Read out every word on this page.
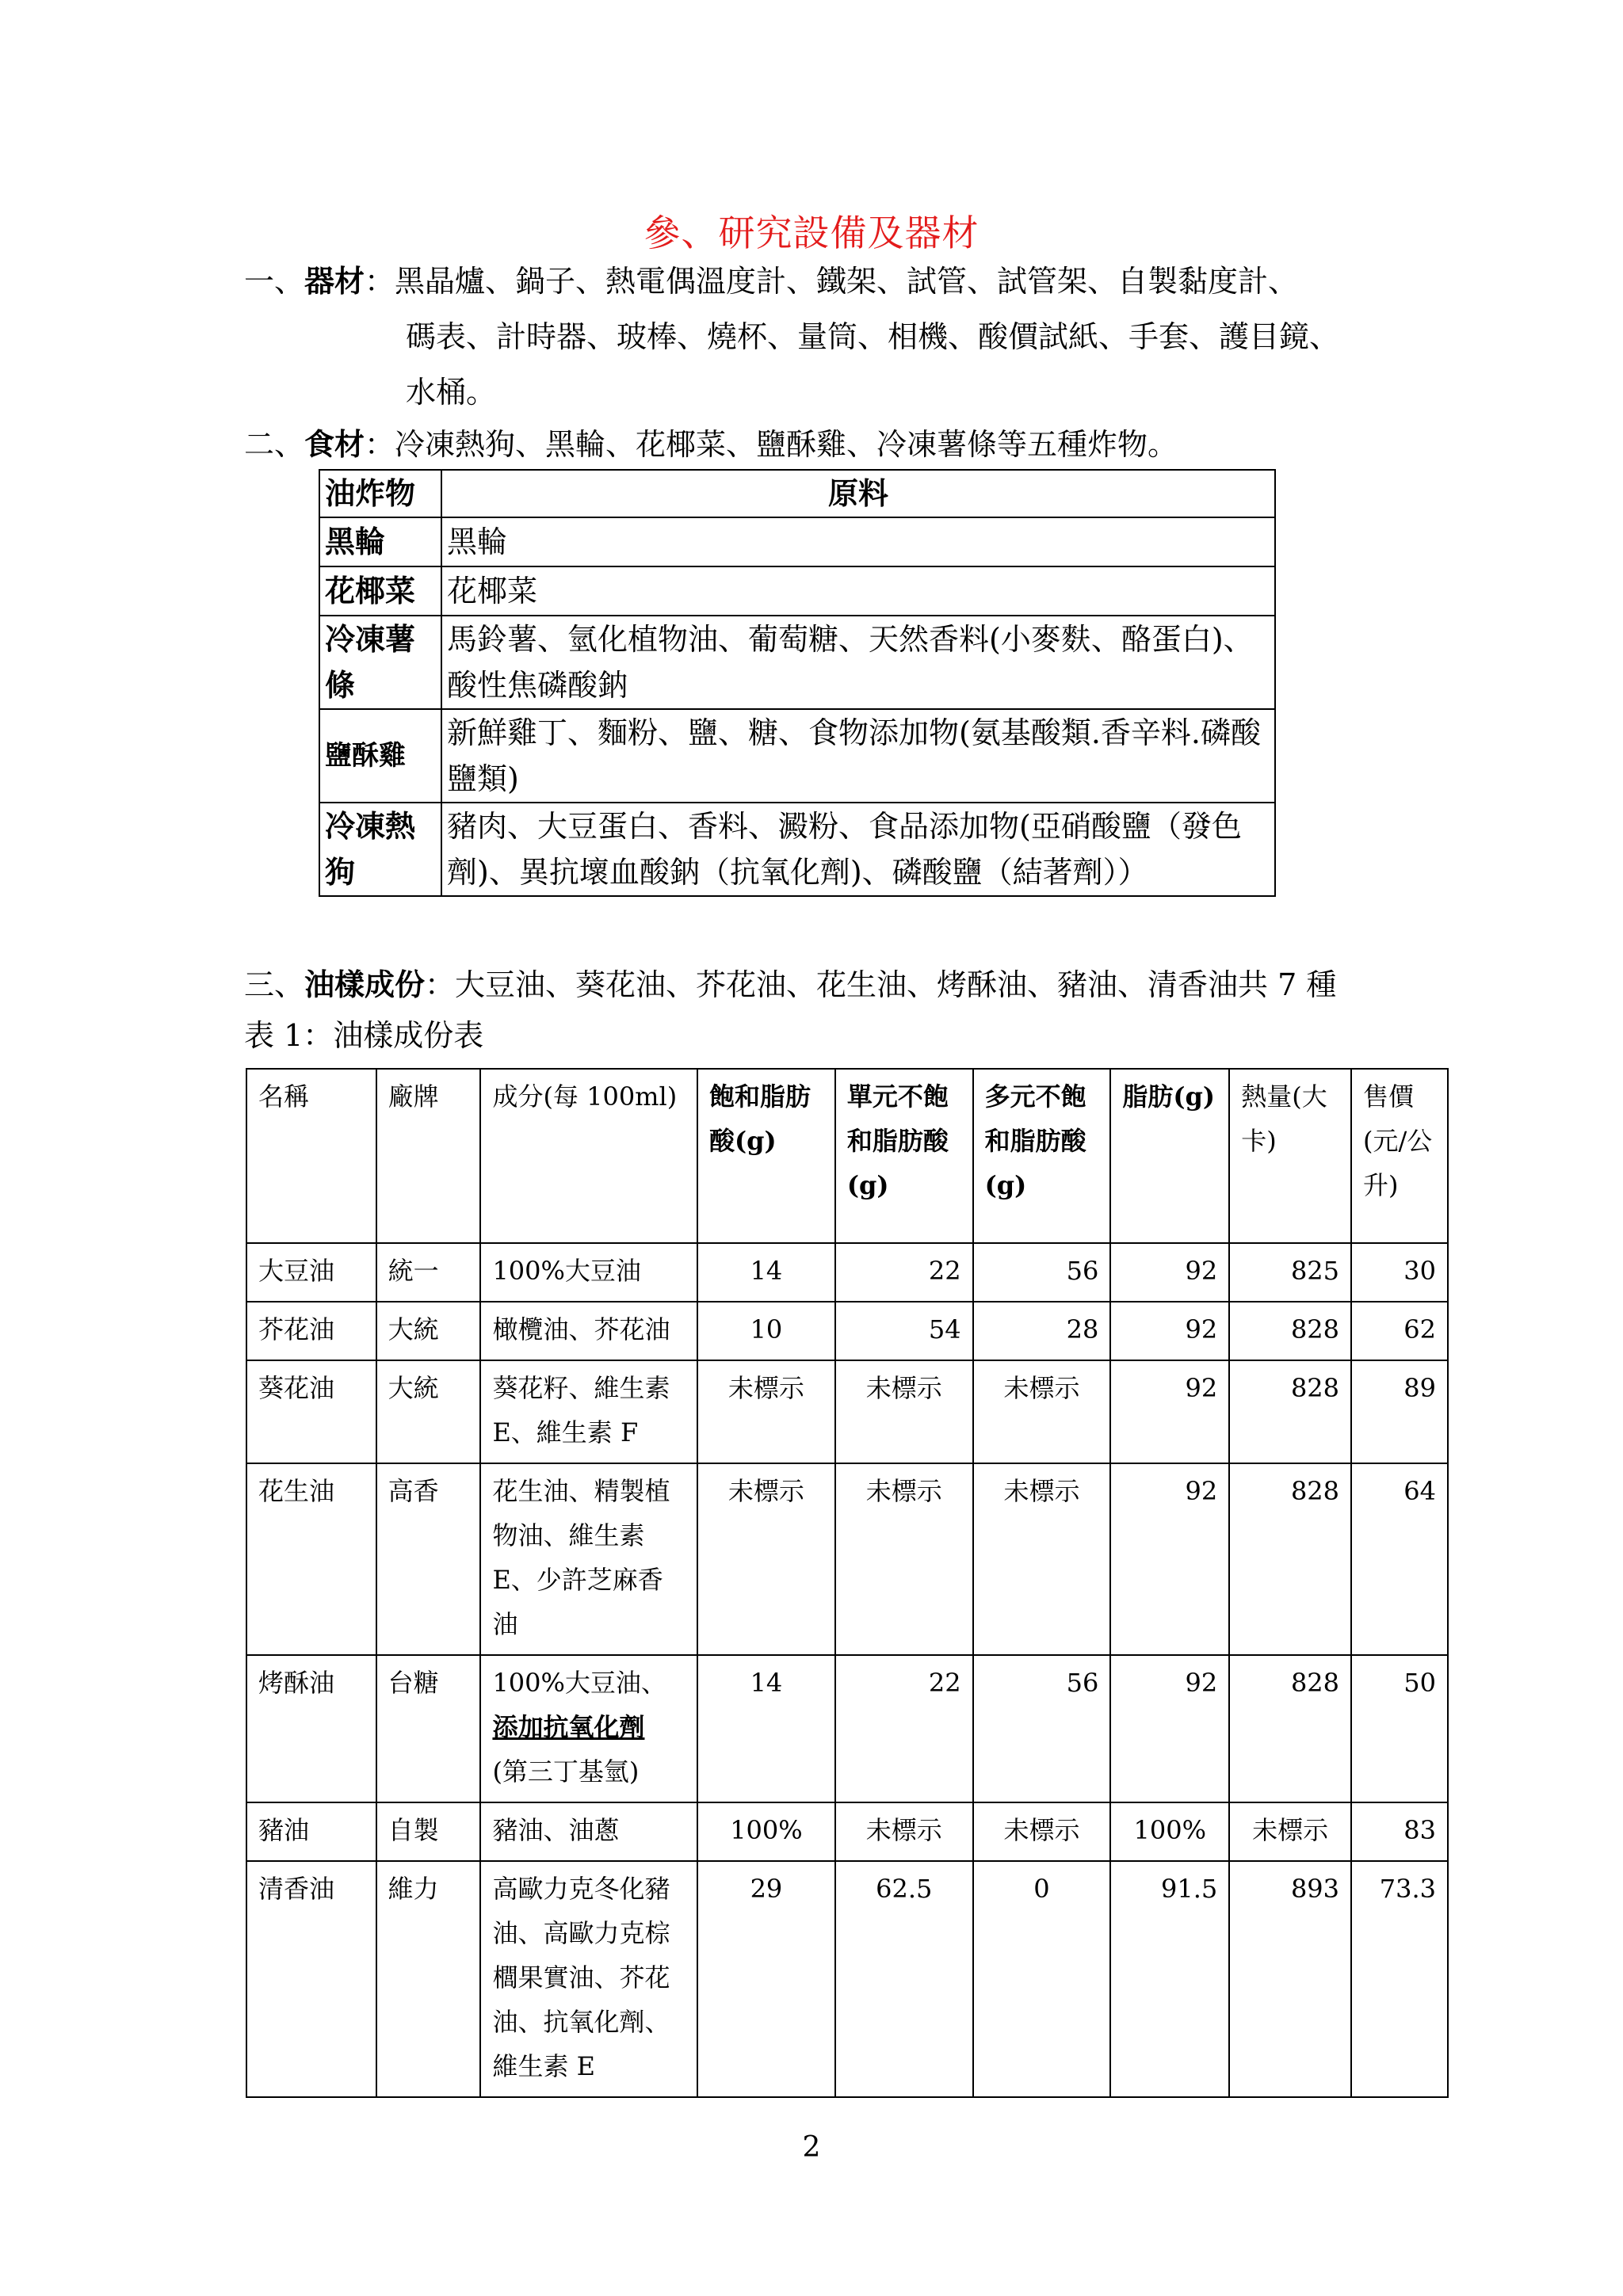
參、研究設備及器材
一、器材：黑晶爐、鍋子、熱電偶溫度計、鐵架、試管、試管架、自製黏度計、
碼表、計時器、玻棒、燒杯、量筒、相機、酸價試紙、手套、護目鏡、
水桶。
二、食材：冷凍熱狗、黑輪、花椰菜、鹽酥雞、冷凍薯條等五種炸物。
油炸物	原料
黑輪	黑輪
花椰菜	花椰菜
冷凍薯條	馬鈴薯、氫化植物油、葡萄糖、天然香料(小麥麩、酪蛋白)、酸性焦磷酸鈉
鹽酥雞	新鮮雞丁、麵粉、鹽、糖、食物添加物(氨基酸類.香辛料.磷酸鹽類)
冷凍熱狗	豬肉、大豆蛋白、香料、澱粉、食品添加物(亞硝酸鹽（發色劑)、異抗壞血酸鈉（抗氧化劑)、磷酸鹽（結著劑））
三、油樣成份：大豆油、葵花油、芥花油、花生油、烤酥油、豬油、清香油共 7 種
表 1：油樣成份表
名稱	廠牌	成分(每 100ml)	飽和脂肪酸(g)	單元不飽和脂肪酸(g)	多元不飽和脂肪酸(g)	脂肪(g)	熱量(大卡)	售價(元/公升)
大豆油	統一	100%大豆油	14	22	56	92	825	30
芥花油	大統	橄欖油、芥花油	10	54	28	92	828	62
葵花油	大統	葵花籽、維生素E、維生素 F	未標示	未標示	未標示	92	828	89
花生油	高香	花生油、精製植物油、維生素E、少許芝麻香油	未標示	未標示	未標示	92	828	64
烤酥油	台糖	100%大豆油、
添加抗氧化劑
(第三丁基氫)	14	22	56	92	828	50
豬油	自製	豬油、油蔥	100%	未標示	未標示	100%	未標示	83
清香油	維力	高歐力克冬化豬油、高歐力克棕櫚果實油、芥花油、抗氧化劑、維生素 E	29	62.5	0	91.5	893	73.3
2
